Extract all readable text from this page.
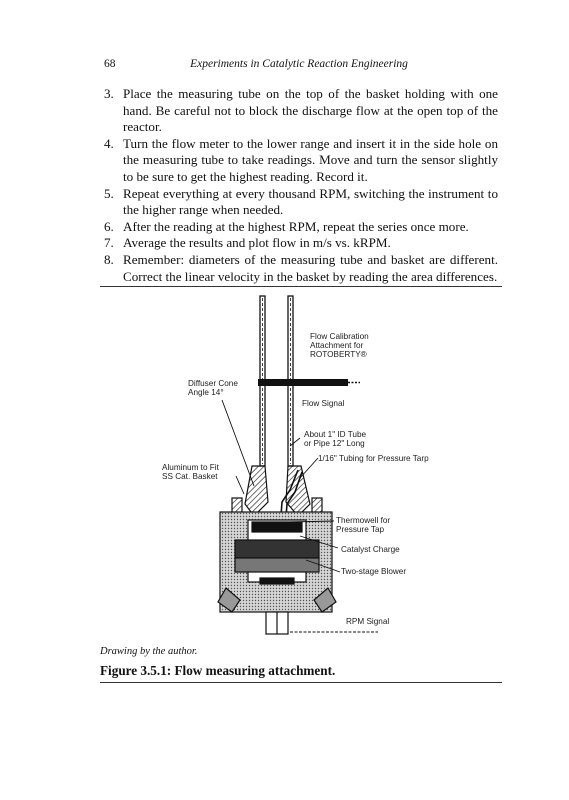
68	Experiments in Catalytic Reaction Engineering
3. Place the measuring tube on the top of the basket holding with one hand. Be careful not to block the discharge flow at the open top of the reactor.
4. Turn the flow meter to the lower range and insert it in the side hole on the measuring tube to take readings. Move and turn the sensor slightly to be sure to get the highest reading. Record it.
5. Repeat everything at every thousand RPM, switching the instrument to the higher range when needed.
6. After the reading at the highest RPM, repeat the series once more.
7. Average the results and plot flow in m/s vs. kRPM.
8. Remember: diameters of the measuring tube and basket are different. Correct the linear velocity in the basket by reading the area differences.
Flow Calibration
Attachment for
ROTOBERTY®
Diffuser Cone
Angle 14°
Flow Signal
About 1" ID Tube
or Pipe 12" Long
1/16" Tubing for Pressure Tarp
Aluminum to Fit
SS Cat. Basket
Thermowell for
Pressure Tap
Catalyst Charge
Two-stage Blower
RPM Signal
Drawing by the author.
Figure 3.5.1: Flow measuring attachment.
